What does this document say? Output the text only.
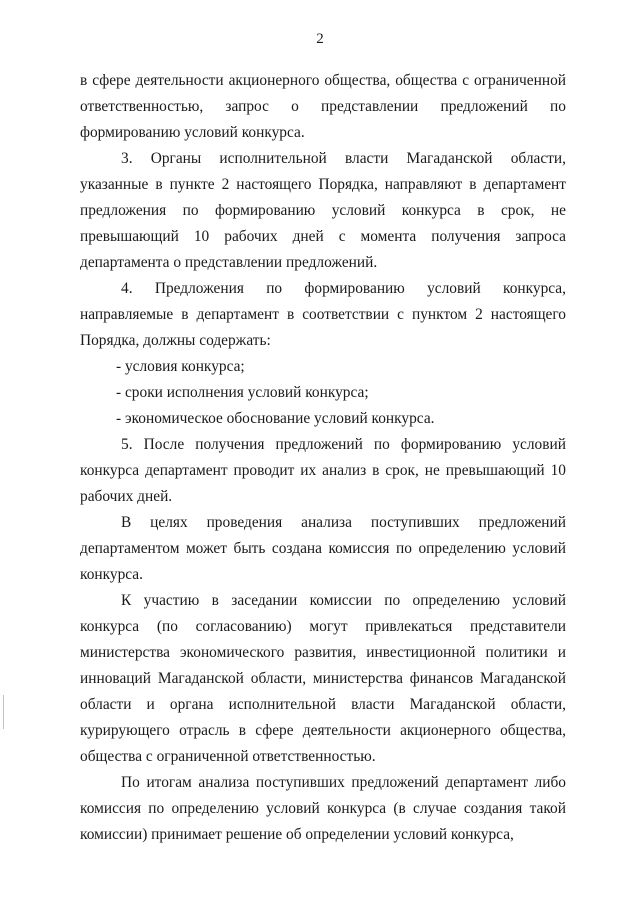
2

в сфере деятельности акционерного общества, общества с ограниченной ответственностью, запрос о представлении предложений по формированию условий конкурса.

3. Органы исполнительной власти Магаданской области, указанные в пункте 2 настоящего Порядка, направляют в департамент предложения по формированию условий конкурса в срок, не превышающий 10 рабочих дней с момента получения запроса департамента о представлении предложений.

4. Предложения по формированию условий конкурса, направляемые в департамент в соответствии с пунктом 2 настоящего Порядка, должны содержать:

- условия конкурса;

- сроки исполнения условий конкурса;

- экономическое обоснование условий конкурса.

5. После получения предложений по формированию условий конкурса департамент проводит их анализ в срок, не превышающий 10 рабочих дней.

В целях проведения анализа поступивших предложений департаментом может быть создана комиссия по определению условий конкурса.

К участию в заседании комиссии по определению условий конкурса (по согласованию) могут привлекаться представители министерства экономического развития, инвестиционной политики и инноваций Магаданской области, министерства финансов Магаданской области и органа исполнительной власти Магаданской области, курирующего отрасль в сфере деятельности акционерного общества, общества с ограниченной ответственностью.

По итогам анализа поступивших предложений департамент либо комиссия по определению условий конкурса (в случае создания такой комиссии) принимает решение об определении условий конкурса,
